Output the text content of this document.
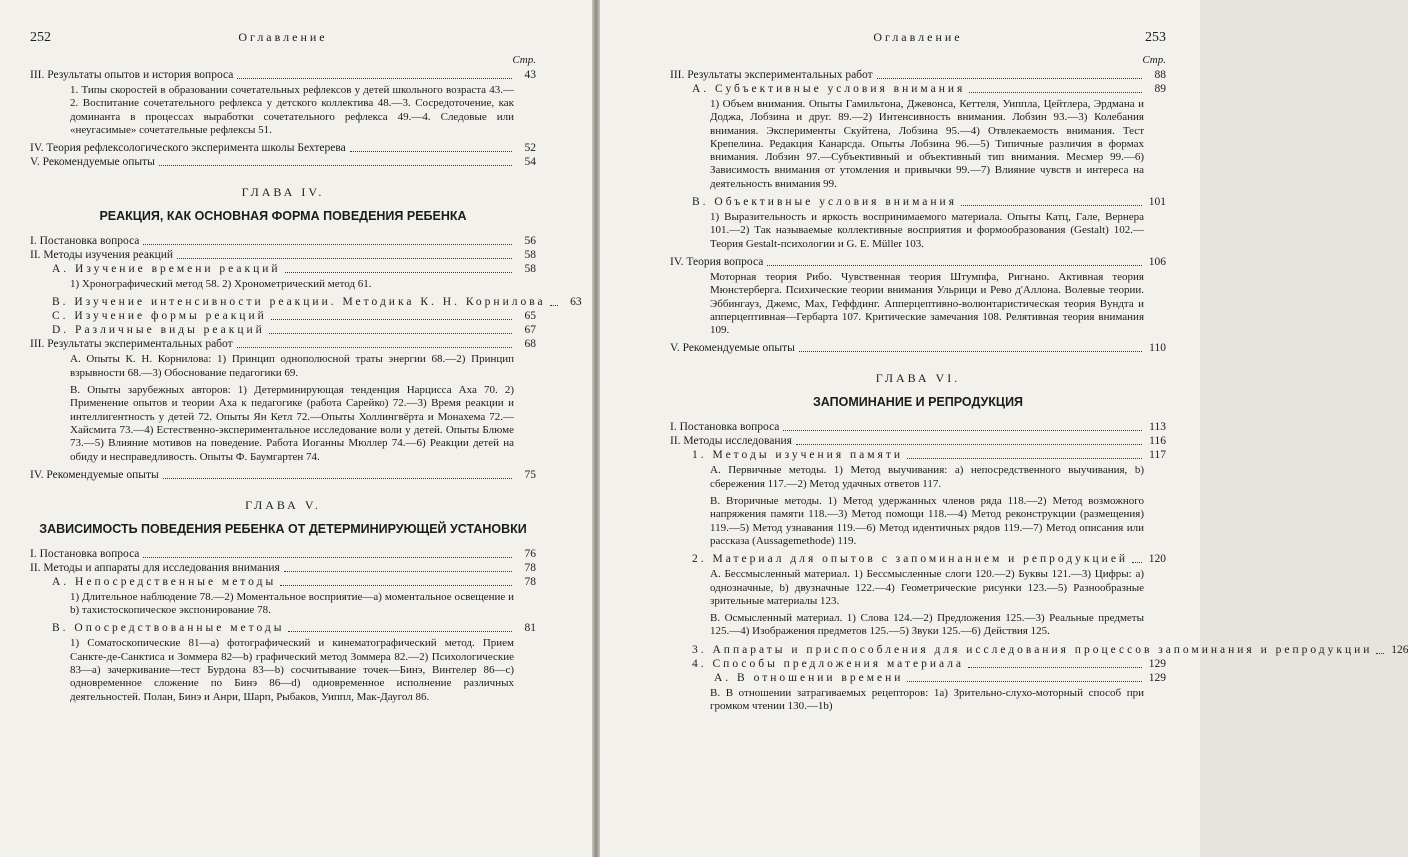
252	Оглавление
Стр.
III. Результаты опытов и история вопроса	43
1. Типы скоростей в образовании сочетательных рефлексов у детей школьного возраста 43.—2. Воспитание сочетательного рефлекса у детского коллектива 48.—3. Сосредоточение, как доминанта в процессах выработки сочетательного рефлекса 49.—4. Следовые или «неугасимые» сочетательные рефлексы 51.
IV. Теория рефлексологического эксперимента школы Бехтерева	52
V. Рекомендуемые опыты	54
ГЛАВА IV.
РЕАКЦИЯ, КАК ОСНОВНАЯ ФОРМА ПОВЕДЕНИЯ РЕБЕНКА
I. Постановка вопроса	56
II. Методы изучения реакций	58
А. Изучение времени реакций	58
1) Хронографический метод 58. 2) Хронометрический метод 61.
В. Изучение интенсивности реакции. Методика К. Н. Корнилова	63
С. Изучение формы реакций	65
D. Различные виды реакций	67
III. Результаты экспериментальных работ	68
А. Опыты К. Н. Корнилова: 1) Принцип однополюсной траты энергии 68.—2) Принцип взрывности 68.—3) Обоснование педагогики 69.
В. Опыты зарубежных авторов: 1) Детерминирующая тенденция Нарцисса Аха 70. 2) Применение опытов и теории Аха к педагогике (работа Сарейко) 72.—3) Время реакции и интеллигентность у детей 72. Опыты Ян Кетл 72.—Опыты Холлингвёрта и Монахема 72.—Хайсмита 73.—4) Естественно-экспериментальное исследование воли у детей. Опыты Блюме 73.—5) Влияние мотивов на поведение. Работа Иоганны Мюллер 74.—6) Реакции детей на обиду и несправедливость. Опыты Ф. Баумгартен 74.
IV. Рекомендуемые опыты	75
ГЛАВА V.
ЗАВИСИМОСТЬ ПОВЕДЕНИЯ РЕБЕНКА ОТ ДЕТЕРМИНИРУЮЩЕЙ УСТАНОВКИ
I. Постановка вопроса	76
II. Методы и аппараты для исследования внимания	78
А. Непосредственные методы	78
1) Длительное наблюдение 78.—2) Моментальное восприятие—а) моментальное освещение и b) тахистоскопическое экспонирование 78.
В. Опосредствованные методы	81
1) Соматоскопические 81—а) фотографический и кинематографический метод. Прием Санкте-де-Санктиса и Зоммера 82—b) графический метод Зоммера 82.—2) Психологические 83—а) зачеркивание—тест Бурдона 83—b) сосчитывание точек—Бинэ, Винтелер 86—c) одновременное сложение по Бинэ 86—d) одновременное исполнение различных деятельностей. Полан, Бинэ и Анри, Шарп, Рыбаков, Уиппл, Мак-Даугол 86.
Оглавление	253
Стр.
III. Результаты экспериментальных работ	88
А. Субъективные условия внимания	89
1) Объем внимания. Опыты Гамильтона, Джевонса, Кеттеля, Уиппла, Цейтлера, Эрдмана и Доджа, Лобзина и друг. 89.—2) Интенсивность внимания. Лобзин 93.—3) Колебания внимания. Эксперименты Скуйтена, Лобзина 95.—4) Отвлекаемость внимания. Тест Крепелина. Редакция Канарсда. Опыты Лобзина 96.—5) Типичные различия в формах внимания. Лобзин 97.—Субъективный и объективный тип внимания. Месмер 99.—6) Зависимость внимания от утомления и привычки 99.—7) Влияние чувств и интереса на деятельность внимания 99.
В. Объективные условия внимания	101
1) Выразительность и яркость воспринимаемого материала. Опыты Катц, Гале, Вернера 101.—2) Так называемые коллективные восприятия и формообразования (Gestalt) 102.—Теория Gestalt-психологии и G. E. Müller 103.
IV. Теория вопроса	106
Моторная теория Рибо. Чувственная теория Штумпфа, Ригнано. Активная теория Мюнстерберга. Психические теории внимания Ульрици и Рево д'Аллона. Волевые теории. Эббингауз, Джемс, Мах, Геффдинг. Апперцептивно-волюнтаристическая теория Вундта и апперцептивная—Гербарта 107. Критические замечания 108. Релятивная теория внимания 109.
V. Рекомендуемые опыты	110
ГЛАВА VI.
ЗАПОМИНАНИЕ И РЕПРОДУКЦИЯ
I. Постановка вопроса	113
II. Методы исследования	116
1. Методы изучения памяти	117
А. Первичные методы. 1) Метод выучивания: а) непосредственного выучивания, b) сбережения 117.—2) Метод удачных ответов 117.
В. Вторичные методы. 1) Метод удержанных членов ряда 118.—2) Метод возможного напряжения памяти 118.—3) Метод помощи 118.—4) Метод реконструкции (размещения) 119.—5) Метод узнавания 119.—6) Метод идентичных рядов 119.—7) Метод описания или рассказа (Aussagemethode) 119.
2. Материал для опытов с запоминанием и репродукцией 120
А. Бессмысленный материал. 1) Бессмысленные слоги 120.—2) Буквы 121.—3) Цифры: а) однозначные, b) двузначные 122.—4) Геометрические рисунки 123.—5) Разнообразные зрительные материалы 123.
В. Осмысленный материал. 1) Слова 124.—2) Предложения 125.—3) Реальные предметы 125.—4) Изображения предметов 125.—5) Звуки 125.—6) Действия 125.
3. Аппараты и приспособления для исследования процессов запоминания и репродукции 126
4. Способы предложения материала	129
А. В отношении времени	129
В. В отношении затрагиваемых рецепторов: 1а) Зрительно-слухо-моторный способ при громком чтении 130.—1b)
